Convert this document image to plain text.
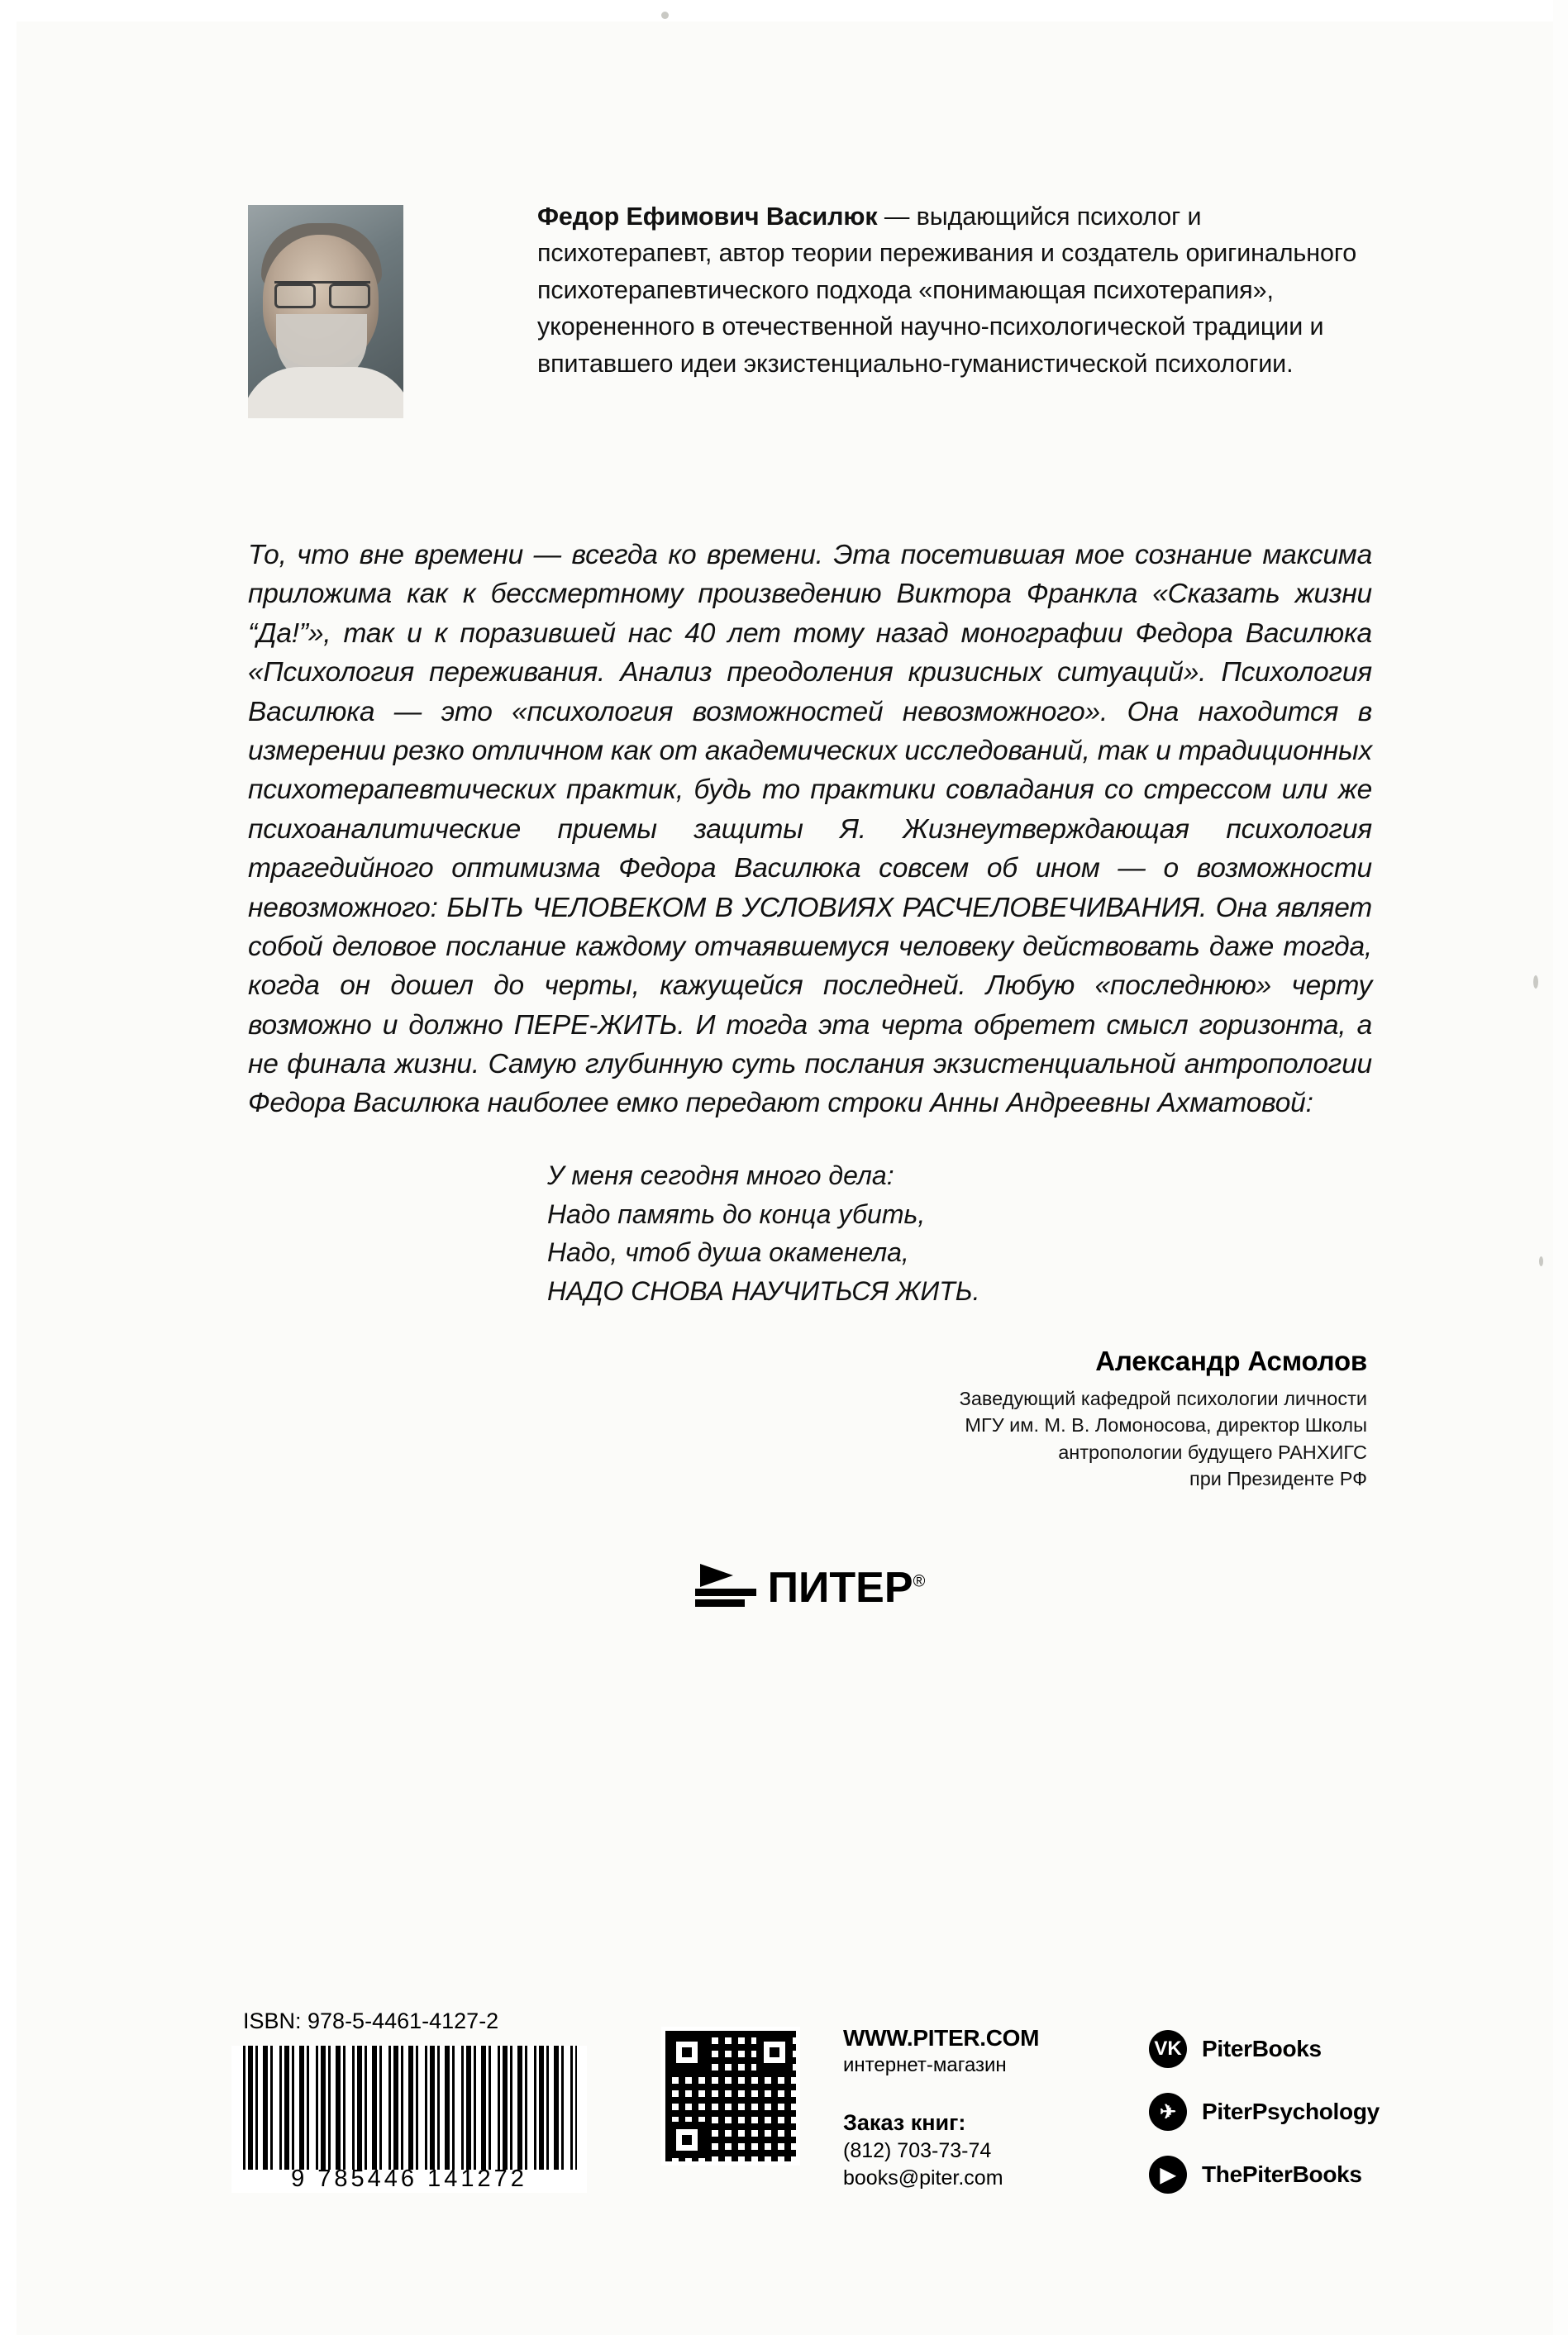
Федор Ефимович Василюк — выдающийся психолог и психотерапевт, автор теории переживания и создатель оригинального психотерапевтического подхода «понимающая психотерапия», укорененного в отечественной научно-психологической традиции и впитавшего идеи экзистенциально-гуманистической психологии.
То, что вне времени — всегда ко времени. Эта посетившая мое сознание максима приложима как к бессмертному произведению Виктора Франкла «Сказать жизни “Да!”», так и к поразившей нас 40 лет тому назад монографии Федора Василюка «Психология переживания. Анализ преодоления кризисных ситуаций». Психология Василюка — это «психология возможностей невозможного». Она находится в измерении резко отличном как от академических исследований, так и традиционных психотерапевтических практик, будь то практики совладания со стрессом или же психоаналитические приемы защиты Я. Жизнеутверждающая психология трагедийного оптимизма Федора Василюка совсем об ином — о возможности невозможного: БЫТЬ ЧЕЛОВЕКОМ В УСЛОВИЯХ РАСЧЕЛОВЕЧИВАНИЯ. Она являет собой деловое послание каждому отчаявшемуся человеку действовать даже тогда, когда он дошел до черты, кажущейся последней. Любую «последнюю» черту возможно и должно ПЕРЕ-ЖИТЬ. И тогда эта черта обретет смысл горизонта, а не финала жизни. Самую глубинную суть послания экзистенциальной антропологии Федора Василюка наиболее емко передают строки Анны Андреевны Ахматовой:
У меня сегодня много дела:
Надо память до конца убить,
Надо, чтоб душа окаменела,
НАДО СНОВА НАУЧИТЬСЯ ЖИТЬ.
Александр Асмолов
Заведующий кафедрой психологии личности
МГУ им. М. В. Ломоносова, директор Школы
антропологии будущего РАНХИГС
при Президенте РФ
ПИТЕР®
ISBN: 978-5-4461-4127-2
9 785446 141272
WWW.PITER.COM
интернет-магазин
Заказ книг:
(812) 703-73-74
books@piter.com
VK PiterBooks
✈	PiterPsychology
▶	ThePiterBooks
